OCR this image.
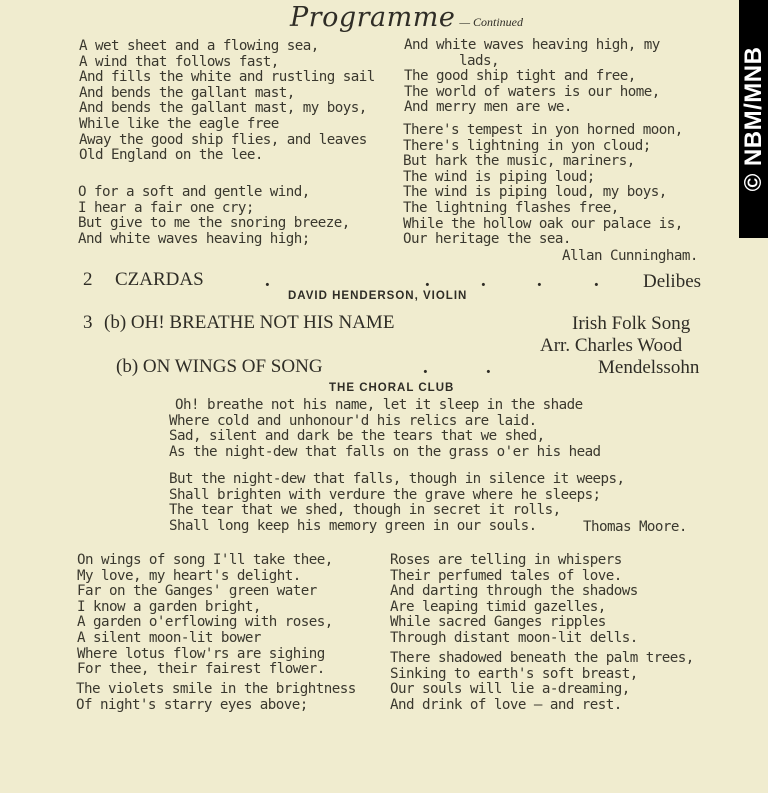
Programme — Continued
A wet sheet and a flowing sea,
A wind that follows fast,
And fills the white and rustling sail
And bends the gallant mast,
And bends the gallant mast, my boys,
While like the eagle free
Away the good ship flies, and leaves
Old England on the lee.
O for a soft and gentle wind,
I hear a fair one cry;
But give to me the snoring breeze,
And white waves heaving high;
And white waves heaving high, my
lads,
The good ship tight and free,
The world of waters is our home,
And merry men are we.
There's tempest in yon horned moon,
There's lightning in yon cloud;
But hark the music, mariners,
The wind is piping loud;
The wind is piping loud, my boys,
The lightning flashes free,
While the hollow oak our palace is,
Our heritage the sea.
Allan Cunningham.
2 CZARDAS	.	.	.	.	. Delibes
DAVID HENDERSON, VIOLIN
3 (b) OH! BREATHE NOT HIS NAME	Irish Folk Song
Arr. Charles Wood
(b) ON WINGS OF SONG	.	.	Mendelssohn
THE CHORAL CLUB
Oh! breathe not his name, let it sleep in the shade
Where cold and unhonour'd his relics are laid.
Sad, silent and dark be the tears that we shed,
As the night-dew that falls on the grass o'er his head
But the night-dew that falls, though in silence it weeps,
Shall brighten with verdure the grave where he sleeps;
The tear that we shed, though in secret it rolls,
Shall long keep his memory green in our souls.	Thomas Moore.
On wings of song I'll take thee,
My love, my heart's delight.
Far on the Ganges' green water
I know a garden bright,
A garden o'erflowing with roses,
A silent moon-lit bower
Where lotus flow'rs are sighing
For thee, their fairest flower.
The violets smile in the brightness
Of night's starry eyes above;
Roses are telling in whispers
Their perfumed tales of love.
And darting through the shadows
Are leaping timid gazelles,
While sacred Ganges ripples
Through distant moon-lit dells.
There shadowed beneath the palm trees,
Sinking to earth's soft breast,
Our souls will lie a-dreaming,
And drink of love — and rest.
© NBM/MNB
